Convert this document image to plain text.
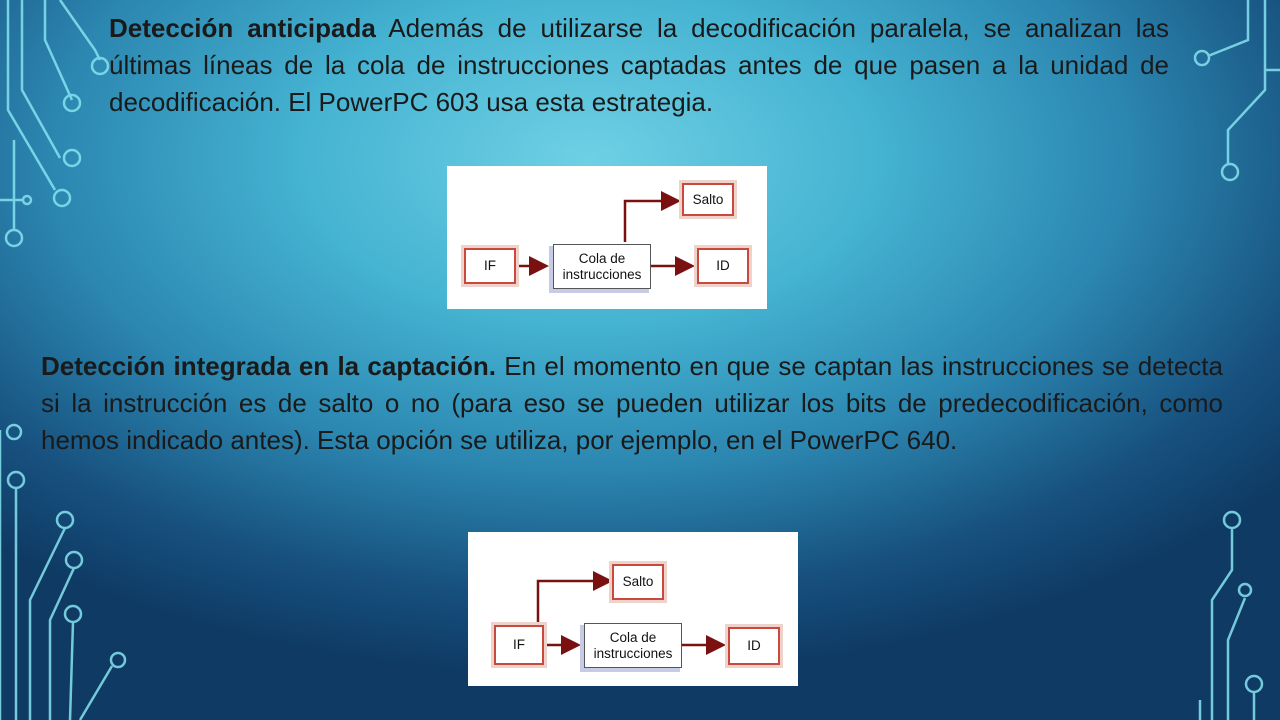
Detección anticipada Además de utilizarse la decodificación paralela, se analizan las últimas líneas de la cola de instrucciones captadas antes de que pasen a la unidad de decodificación. El PowerPC 603 usa esta estrategia.

IF	Cola de instrucciones
Salto
ID

Detección integrada en la captación. En el momento en que se captan las instrucciones se detecta si la instrucción es de salto o no (para eso se pueden utilizar los bits de predecodificación, como hemos indicado antes). Esta opción se utiliza, por ejemplo, en el PowerPC 640.

IF
Salto
Cola de instrucciones	ID
